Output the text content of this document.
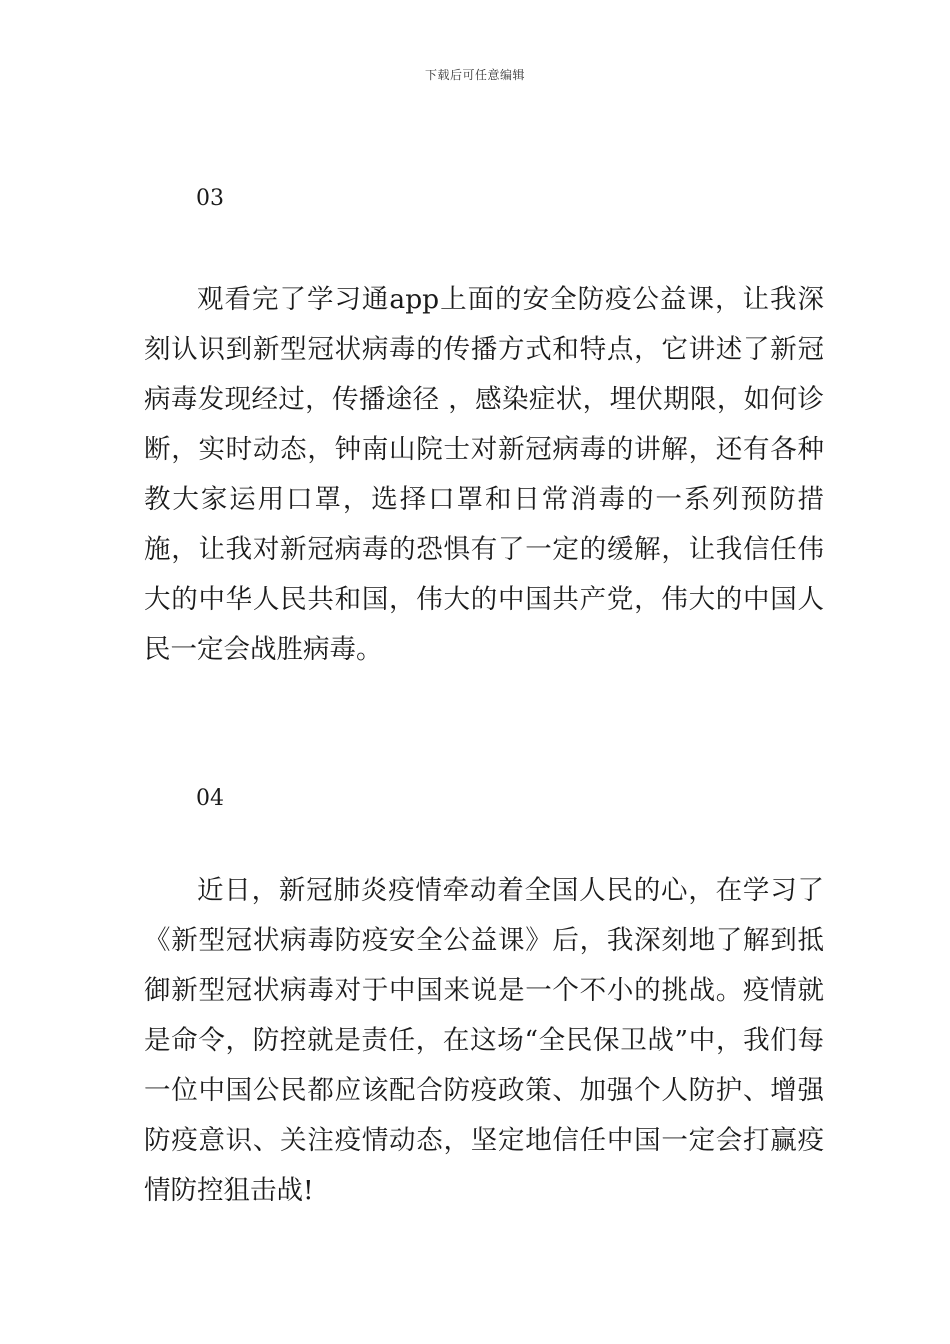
下载后可任意编辑
03

观看完了学习通app上面的安全防疫公益课，让我深刻认识到新型冠状病毒的传播方式和特点，它讲述了新冠病毒发现经过，传播途径 ，感染症状，埋伏期限，如何诊断，实时动态，钟南山院士对新冠病毒的讲解，还有各种教大家运用口罩，选择口罩和日常消毒的一系列预防措施，让我对新冠病毒的恐惧有了一定的缓解，让我信任伟大的中华人民共和国，伟大的中国共产党，伟大的中国人民一定会战胜病毒。

04

近日，新冠肺炎疫情牵动着全国人民的心，在学习了《新型冠状病毒防疫安全公益课》后，我深刻地了解到抵御新型冠状病毒对于中国来说是一个不小的挑战。疫情就是命令，防控就是责任，在这场“全民保卫战”中，我们每一位中国公民都应该配合防疫政策、加强个人防护、增强防疫意识、关注疫情动态，坚定地信任中国一定会打赢疫情防控狙击战!
